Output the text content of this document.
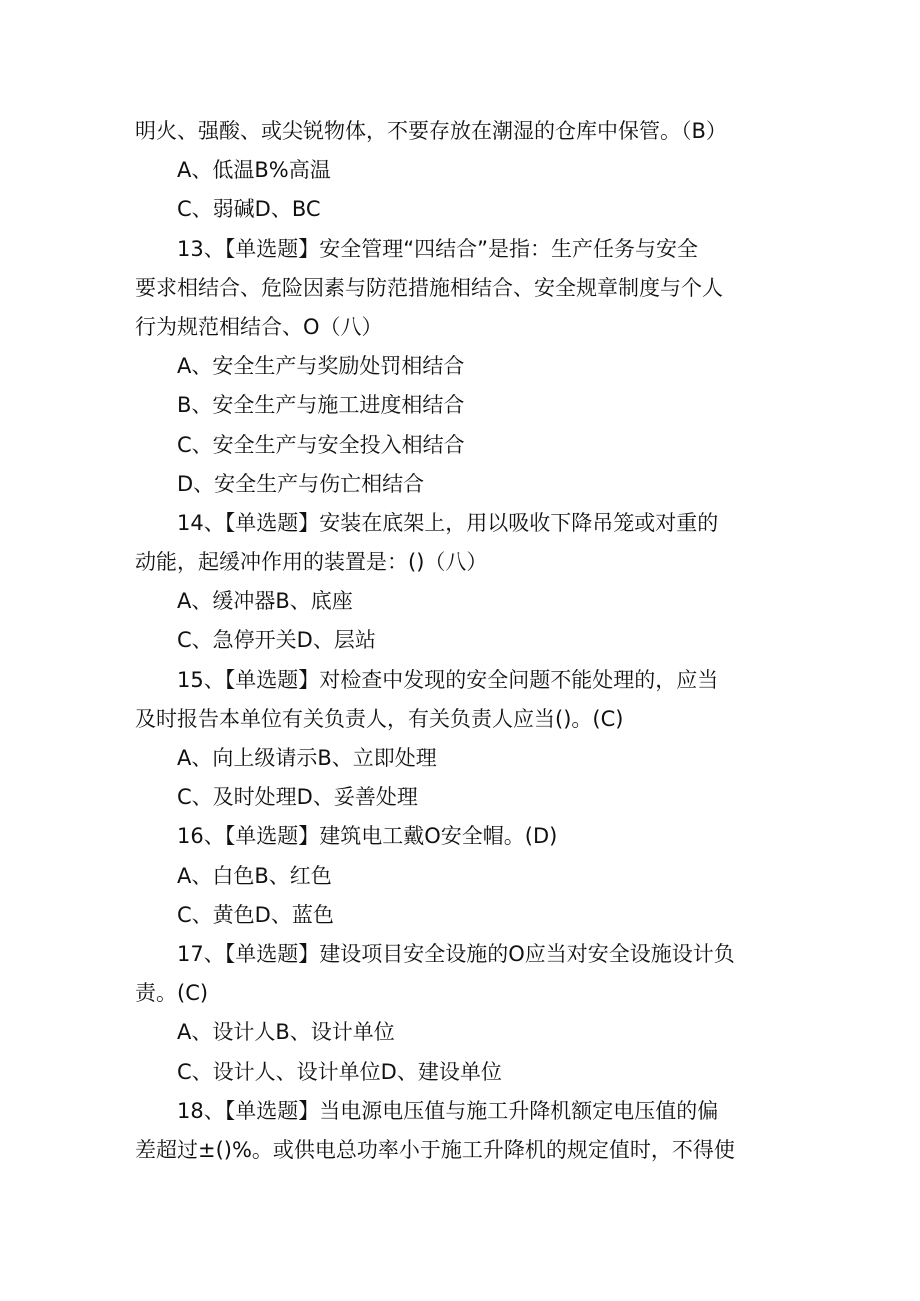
明火、强酸、或尖锐物体，不要存放在潮湿的仓库中保管。（B）
A、低温B%高温
C、弱碱D、BC
13、【单选题】安全管理“四结合”是指：生产任务与安全
要求相结合、危险因素与防范措施相结合、安全规章制度与个人
行为规范相结合、O（八）
A、安全生产与奖励处罚相结合
B、安全生产与施工进度相结合
C、安全生产与安全投入相结合
D、安全生产与伤亡相结合
14、【单选题】安装在底架上，用以吸收下降吊笼或对重的
动能，起缓冲作用的装置是：()（八）
A、缓冲器B、底座
C、急停开关D、层站
15、【单选题】对检查中发现的安全问题不能处理的，应当
及时报告本单位有关负责人，有关负责人应当()。(C)
A、向上级请示B、立即处理
C、及时处理D、妥善处理
16、【单选题】建筑电工戴O安全帽。(D)
A、白色B、红色
C、黄色D、蓝色
17、【单选题】建设项目安全设施的O应当对安全设施设计负
责。(C)
A、设计人B、设计单位
C、设计人、设计单位D、建设单位
18、【单选题】当电源电压值与施工升降机额定电压值的偏
差超过±()%。或供电总功率小于施工升降机的规定值时，不得使
